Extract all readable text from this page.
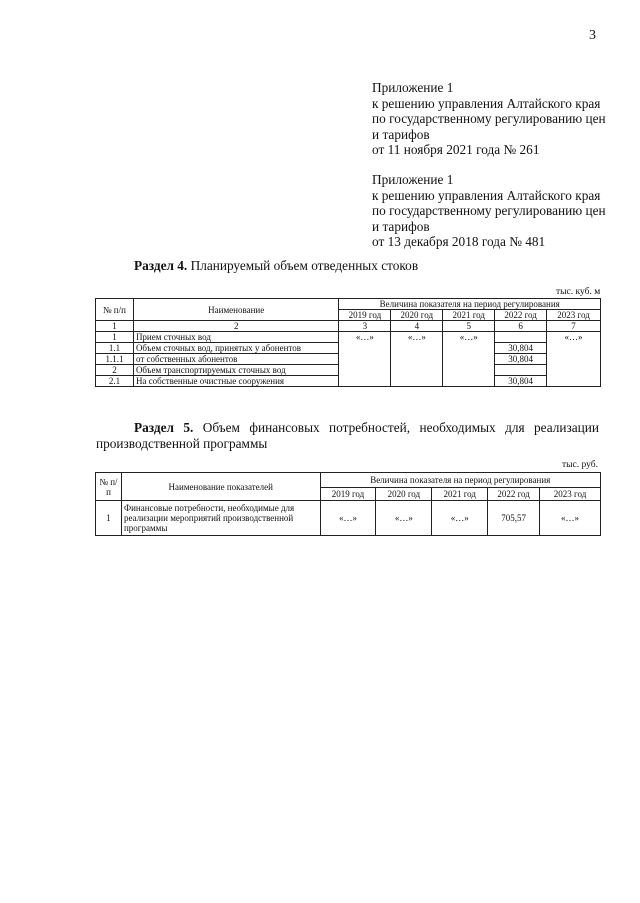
3
Приложение 1
к решению управления Алтайского края
по государственному регулированию цен
и тарифов
от 11 ноября 2021 года № 261
Приложение 1
к решению управления Алтайского края
по государственному регулированию цен
и тарифов
от 13 декабря 2018 года № 481
Раздел 4. Планируемый объем отведенных стоков
тыс. куб. м
№ п/п	Наименование	Величина показателя на период регулирования				
		2019 год	2020 год	2021 год	2022 год	2023 год
1	2	3	4	5	6	7
1	Прием сточных вод	«…»	«…»	«…»		«…»
1.1	Объем сточных вод, принятых у абонентов				30,804	
1.1.1	от собственных абонентов				30,804	
2	Объем транспортируемых сточных вод					
2.1	На собственные очистные сооружения				30,804	
Раздел 5. Объем финансовых потребностей, необходимых для реализации производственной программы
тыс. руб.
№ п/п	Наименование показателей	Величина показателя на период регулирования				
		2019 год	2020 год	2021 год	2022 год	2023 год
1	Финансовые потребности, необходимые для реализации мероприятий производственной программы	«…»	«…»	«…»	705,57	«…»
